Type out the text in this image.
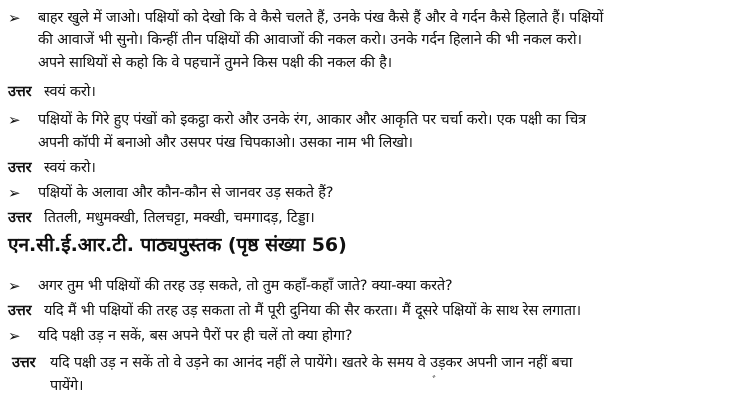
➢ बाहर खुले में जाओ। पक्षियों को देखो कि वे कैसे चलते हैं, उनके पंख कैसे हैं और वे गर्दन कैसे हिलाते हैं। पक्षियों
की आवाजें भी सुनो। किन्हीं तीन पक्षियों की आवाजों की नकल करो। उनके गर्दन हिलाने की भी नकल करो।
अपने साथियों से कहो कि वे पहचानें तुमने किस पक्षी की नकल की है।
उत्तर स्वयं करो।
➢ पक्षियों के गिरे हुए पंखों को इकट्ठा करो और उनके रंग, आकार और आकृति पर चर्चा करो। एक पक्षी का चित्र
अपनी कॉपी में बनाओ और उसपर पंख चिपकाओ। उसका नाम भी लिखो।
उत्तर स्वयं करो।
➢ पक्षियों के अलावा और कौन-कौन से जानवर उड़ सकते हैं?
उत्तर तितली, मधुमक्खी, तिलचट्टा, मक्खी, चमगादड़, टिड्डा।
एन.सी.ई.आर.टी. पाठ्यपुस्तक (पृष्ठ संख्या 56)
➢ अगर तुम भी पक्षियों की तरह उड़ सकते, तो तुम कहाँ-कहाँ जाते? क्या-क्या करते?
उत्तर यदि मैं भी पक्षियों की तरह उड़ सकता तो मैं पूरी दुनिया की सैर करता। मैं दूसरे पक्षियों के साथ रेस लगाता।
➢ यदि पक्षी उड़ न सकें, बस अपने पैरों पर ही चलें तो क्या होगा?
उत्तर यदि पक्षी उड़ न सकें तो वे उड़ने का आनंद नहीं ले पायेंगे। खतरे के समय वे उड़कर अपनी जान नहीं बचा
पायेंगे।	ﾞ
